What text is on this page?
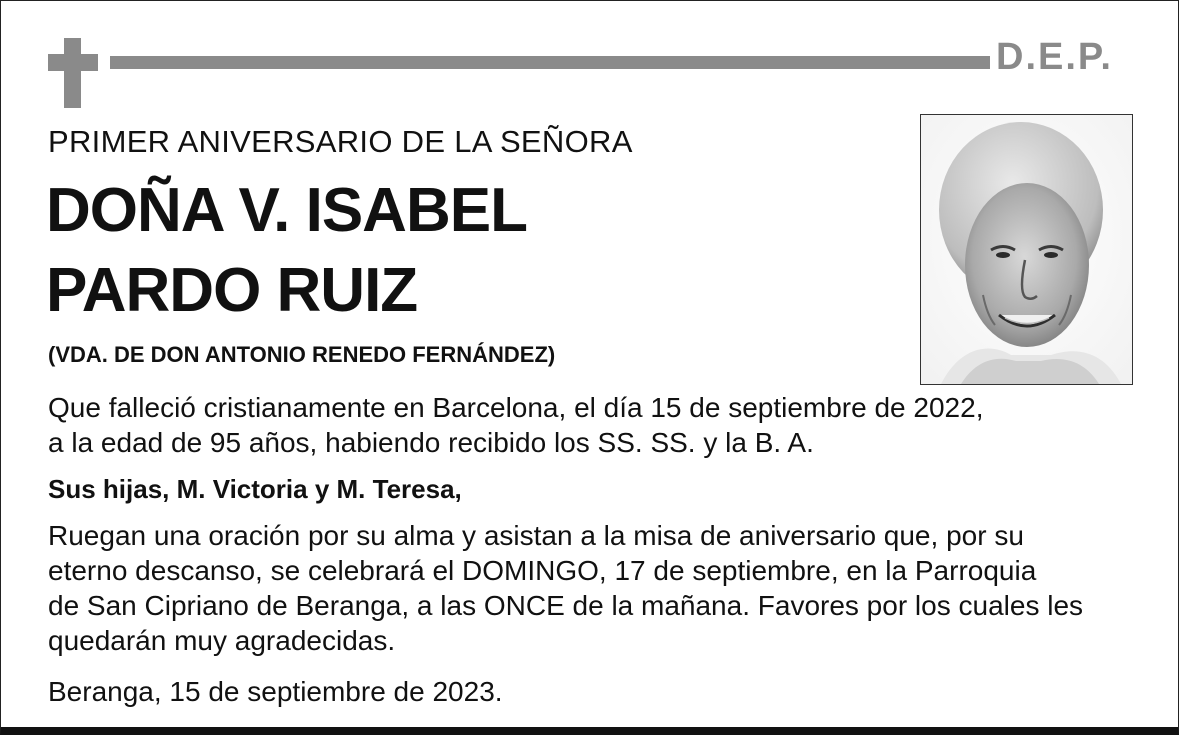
D.E.P.
PRIMER ANIVERSARIO DE LA SEÑORA
DOÑA V. ISABEL
PARDO RUIZ
(VDA. DE DON ANTONIO RENEDO FERNÁNDEZ)
Que falleció cristianamente en Barcelona, el día 15 de septiembre de 2022,
a la edad de 95 años, habiendo recibido los SS. SS. y la B. A.
Sus hijas, M. Victoria y M. Teresa,
Ruegan una oración por su alma y asistan a la misa de aniversario que, por su
eterno descanso, se celebrará el DOMINGO, 17 de septiembre, en la Parroquia
de San Cipriano de Beranga, a las ONCE de la mañana. Favores por los cuales les
quedarán muy agradecidas.
Beranga, 15 de septiembre de 2023.
